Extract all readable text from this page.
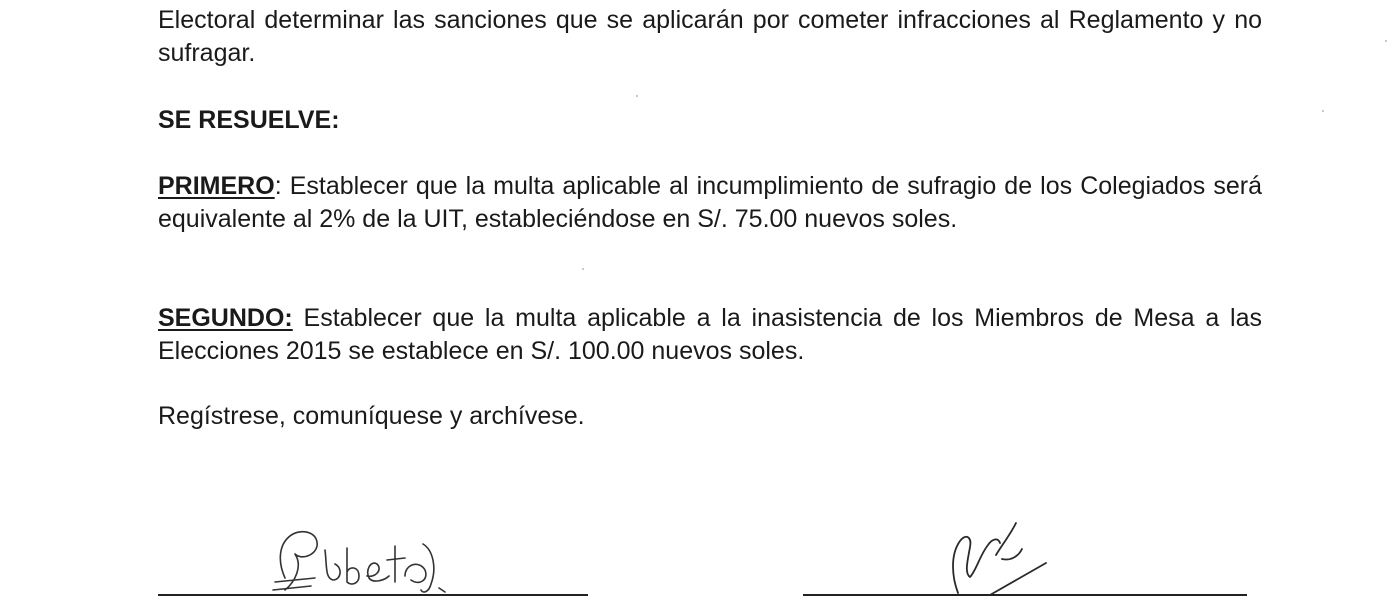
Electoral determinar las sanciones que se aplicarán por cometer infracciones al Reglamento y no sufragar.

SE RESUELVE:

PRIMERO: Establecer que la multa aplicable al incumplimiento de sufragio de los Colegiados será equivalente al 2% de la UIT, estableciéndose en S/. 75.00 nuevos soles.

SEGUNDO: Establecer que la multa aplicable a la inasistencia de los Miembros de Mesa a las Elecciones 2015 se establece en S/. 100.00 nuevos soles.

Regístrese, comuníquese y archívese.
